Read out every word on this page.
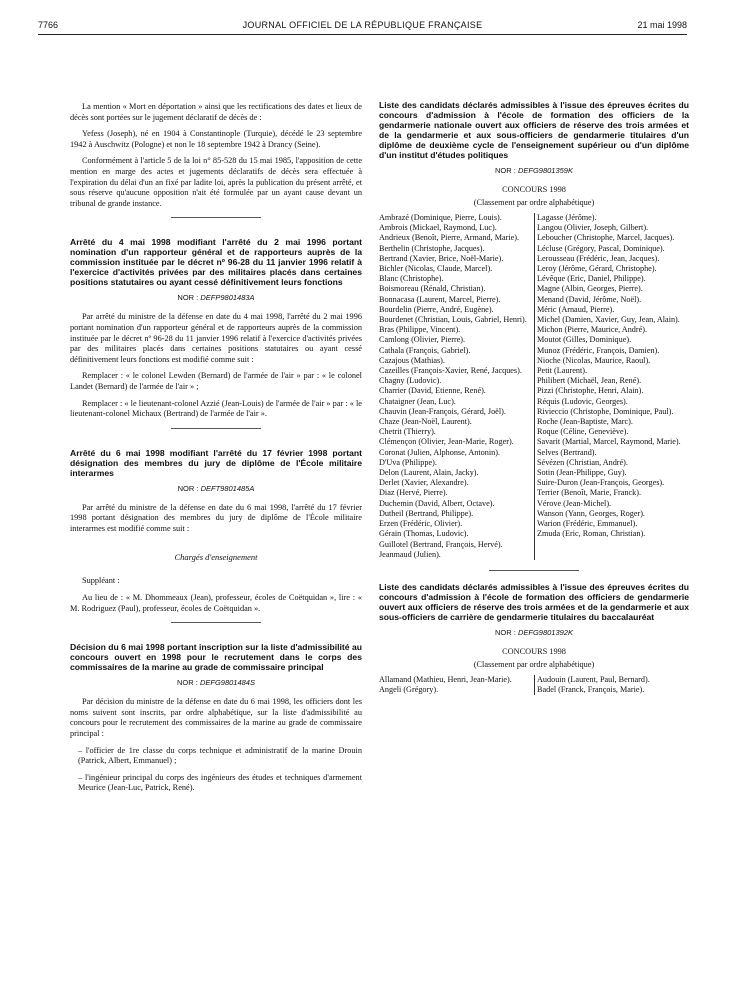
7766	JOURNAL OFFICIEL DE LA RÉPUBLIQUE FRANÇAISE	21 mai 1998

La mention « Mort en déportation » ainsi que les rectifications des dates et lieux de décès sont portées sur le jugement déclaratif de décès de :

Yefess (Joseph), né en 1904 à Constantinople (Turquie), décédé le 23 septembre 1942 à Auschwitz (Pologne) et non le 18 septembre 1942 à Drancy (Seine).

Conformément à l'article 5 de la loi n° 85-528 du 15 mai 1985, l'apposition de cette mention en marge des actes et jugements déclaratifs de décès sera effectuée à l'expiration du délai d'un an fixé par ladite loi, après la publication du présent arrêté, et sous réserve qu'aucune opposition n'ait été formulée par un ayant cause devant un tribunal de grande instance.

Arrêté du 4 mai 1998 modifiant l'arrêté du 2 mai 1996 portant nomination d'un rapporteur général et de rapporteurs auprès de la commission instituée par le décret nº 96-28 du 11 janvier 1996 relatif à l'exercice d'activités privées par des militaires placés dans certaines positions statutaires ou ayant cessé définitivement leurs fonctions
NOR : DEFP9801483A

Par arrêté du ministre de la défense en date du 4 mai 1998, l'arrêté du 2 mai 1996 portant nomination d'un rapporteur général et de rapporteurs auprès de la commission instituée par le décret nº 96-28 du 11 janvier 1996 relatif à l'exercice d'activités privées par des militaires placés dans certaines positions statutaires ou ayant cessé définitivement leurs fonctions est modifié comme suit :

Remplacer : « le colonel Lewden (Bernard) de l'armée de l'air » par : « le colonel Landet (Bernard) de l'armée de l'air » ;

Remplacer : « le lieutenant-colonel Azzié (Jean-Louis) de l'armée de l'air » par : « le lieutenant-colonel Michaux (Bertrand) de l'armée de l'air ».

Arrêté du 6 mai 1998 modifiant l'arrêté du 17 février 1998 portant désignation des membres du jury de diplôme de l'École militaire interarmes
NOR : DEFT9801485A

Par arrêté du ministre de la défense en date du 6 mai 1998, l'arrêté du 17 février 1998 portant désignation des membres du jury de diplôme de l'École militaire interarmes est modifié comme suit :

Chargés d'enseignement

Suppléant :

Au lieu de : « M. Dhommeaux (Jean), professeur, écoles de Coëtquidan », lire : « M. Rodriguez (Paul), professeur, écoles de Coëtquidan ».

Décision du 6 mai 1998 portant inscription sur la liste d'admissibilité au concours ouvert en 1998 pour le recrutement dans le corps des commissaires de la marine au grade de commissaire principal
NOR : DEFG9801484S

Par décision du ministre de la défense en date du 6 mai 1998, les officiers dont les noms suivent sont inscrits, par ordre alphabétique, sur la liste d'admissibilité au concours pour le recrutement des commissaires de la marine au grade de commissaire principal :

– l'officier de 1re classe du corps technique et administratif de la marine Drouin (Patrick, Albert, Emmanuel) ;

– l'ingénieur principal du corps des ingénieurs des études et techniques d'armement Meurice (Jean-Luc, Patrick, René).

Liste des candidats déclarés admissibles à l'issue des épreuves écrites du concours d'admission à l'école de formation des officiers de la gendarmerie nationale ouvert aux officiers de réserve des trois armées et de la gendarmerie et aux sous-officiers de gendarmerie titulaires d'un diplôme de deuxième cycle de l'enseignement supérieur ou d'un diplôme d'un institut d'études politiques
NOR : DEFG9801359K
CONCOURS 1998
(Classement par ordre alphabétique)
Ambrazé (Dominique, Pierre, Louis).
Ambrois (Mickael, Raymond, Luc).
Andrieux (Benoît, Pierre, Armand, Marie).
Berthelin (Christophe, Jacques).
Bertrand (Xavier, Brice, Noël-Marie).
Bichler (Nicolas, Claude, Marcel).
Blanc (Christophe).
Boismoreau (Rénald, Christian).
Bonnacasa (Laurent, Marcel, Pierre).
Bourdelin (Pierre, André, Eugène).
Bourdenet (Christian, Louis, Gabriel, Henri).
Bras (Philippe, Vincent).
Camlong (Olivier, Pierre).
Cathala (François, Gabriel).
Cazajous (Mathias).
Cazeilles (François-Xavier, René, Jacques).
Chagny (Ludovic).
Charrier (David, Etienne, René).
Chataigner (Jean, Luc).
Chauvin (Jean-François, Gérard, Joël).
Chaze (Jean-Noël, Laurent).
Chetrit (Thierry).
Clémençon (Olivier, Jean-Marie, Roger).
Coronat (Julien, Alphonse, Antonin).
D'Uva (Philippe).
Delon (Laurent, Alain, Jacky).
Derlet (Xavier, Alexandre).
Diaz (Hervé, Pierre).
Duchemin (David, Albert, Octave).
Dutheil (Bertrand, Philippe).
Erzen (Frédéric, Olivier).
Gérain (Thomas, Ludovic).
Guillotel (Bertrand, François, Hervé).
Jeanmaud (Julien).
Lagasse (Jérôme).
Langou (Olivier, Joseph, Gilbert).
Leboucher (Christophe, Marcel, Jacques).
Lécluse (Grégory, Pascal, Dominique).
Lerousseau (Frédéric, Jean, Jacques).
Leroy (Jérôme, Gérard, Christophe).
Lévêque (Eric, Daniel, Philippe).
Magne (Albin, Georges, Pierre).
Menand (David, Jérôme, Noël).
Méric (Arnaud, Pierre).
Michel (Damien, Xavier, Guy, Jean, Alain).
Michon (Pierre, Maurice, André).
Moutot (Gilles, Dominique).
Munoz (Frédéric, François, Damien).
Nioche (Nicolas, Maurice, Raoul).
Petit (Laurent).
Philibert (Michaël, Jean, René).
Pizzi (Christophe, Henri, Alain).
Réquis (Ludovic, Georges).
Rivieccio (Christophe, Dominique, Paul).
Roche (Jean-Baptiste, Marc).
Roque (Céline, Geneviève).
Savarit (Martial, Marcel, Raymond, Marie).
Selves (Bertrand).
Sévézen (Christian, André).
Sotin (Jean-Philippe, Guy).
Suire-Duron (Jean-François, Georges).
Terrier (Benoît, Marie, Franck).
Vérove (Jean-Michel).
Wanson (Yann, Georges, Roger).
Warion (Frédéric, Emmanuel).
Zmuda (Eric, Roman, Christian).
Liste des candidats déclarés admissibles à l'issue des épreuves écrites du concours d'admission à l'école de formation des officiers de gendarmerie ouvert aux officiers de réserve des trois armées et de la gendarmerie et aux sous-officiers de carrière de gendarmerie titulaires du baccalauréat
NOR : DEFG9801392K
CONCOURS 1998
(Classement par ordre alphabétique)
Allamand (Mathieu, Henri, Jean-Marie).
Angeli (Grégory).
Audouin (Laurent, Paul, Bernard).
Badel (Franck, François, Marie).
